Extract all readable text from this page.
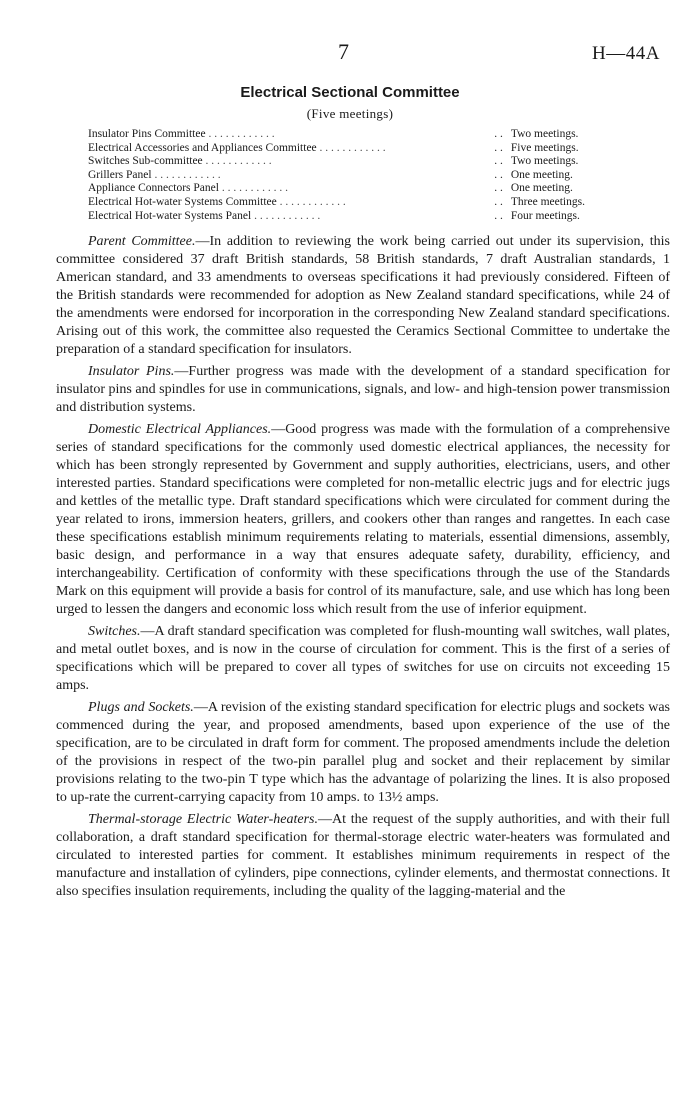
7	H—44A
Electrical Sectional Committee
(Five meetings)
Insulator Pins Committee . .	. . Two meetings.
Electrical Accessories and Appliances Committee . .	. . Five meetings.
Switches Sub-committee . .	. . Two meetings.
Grillers Panel . .	. . One meeting.
Appliance Connectors Panel . .	. . One meeting.
Electrical Hot-water Systems Committee . .	. . Three meetings.
Electrical Hot-water Systems Panel . .	. . Four meetings.

Parent Committee.—In addition to reviewing the work being carried out under its supervision, this committee considered 37 draft British standards, 58 British standards, 7 draft Australian standards, 1 American standard, and 33 amendments to overseas specifications it had previously considered. Fifteen of the British standards were recommended for adoption as New Zealand standard specifications, while 24 of the amendments were endorsed for incorporation in the corresponding New Zealand standard specifications. Arising out of this work, the committee also requested the Ceramics Sectional Committee to undertake the preparation of a standard specification for insulators.

Insulator Pins.—Further progress was made with the development of a standard specification for insulator pins and spindles for use in communications, signals, and low- and high-tension power transmission and distribution systems.

Domestic Electrical Appliances.—Good progress was made with the formulation of a comprehensive series of standard specifications for the commonly used domestic electrical appliances, the necessity for which has been strongly represented by Government and supply authorities, electricians, users, and other interested parties. Standard specifications were completed for non-metallic electric jugs and for electric jugs and kettles of the metallic type. Draft standard specifications which were circulated for comment during the year related to irons, immersion heaters, grillers, and cookers other than ranges and rangettes. In each case these specifications establish minimum requirements relating to materials, essential dimensions, assembly, basic design, and performance in a way that ensures adequate safety, durability, efficiency, and interchangeability. Certification of conformity with these specifications through the use of the Standards Mark on this equipment will provide a basis for control of its manufacture, sale, and use which has long been urged to lessen the dangers and economic loss which result from the use of inferior equipment.

Switches.—A draft standard specification was completed for flush-mounting wall switches, wall plates, and metal outlet boxes, and is now in the course of circulation for comment. This is the first of a series of specifications which will be prepared to cover all types of switches for use on circuits not exceeding 15 amps.

Plugs and Sockets.—A revision of the existing standard specification for electric plugs and sockets was commenced during the year, and proposed amendments, based upon experience of the use of the specification, are to be circulated in draft form for comment. The proposed amendments include the deletion of the provisions in respect of the two-pin parallel plug and socket and their replacement by similar provisions relating to the two-pin T type which has the advantage of polarizing the lines. It is also proposed to up-rate the current-carrying capacity from 10 amps. to 13½ amps.

Thermal-storage Electric Water-heaters.—At the request of the supply authorities, and with their full collaboration, a draft standard specification for thermal-storage electric water-heaters was formulated and circulated to interested parties for comment. It establishes minimum requirements in respect of the manufacture and installation of cylinders, pipe connections, cylinder elements, and thermostat connections. It also specifies insulation requirements, including the quality of the lagging-material and the
